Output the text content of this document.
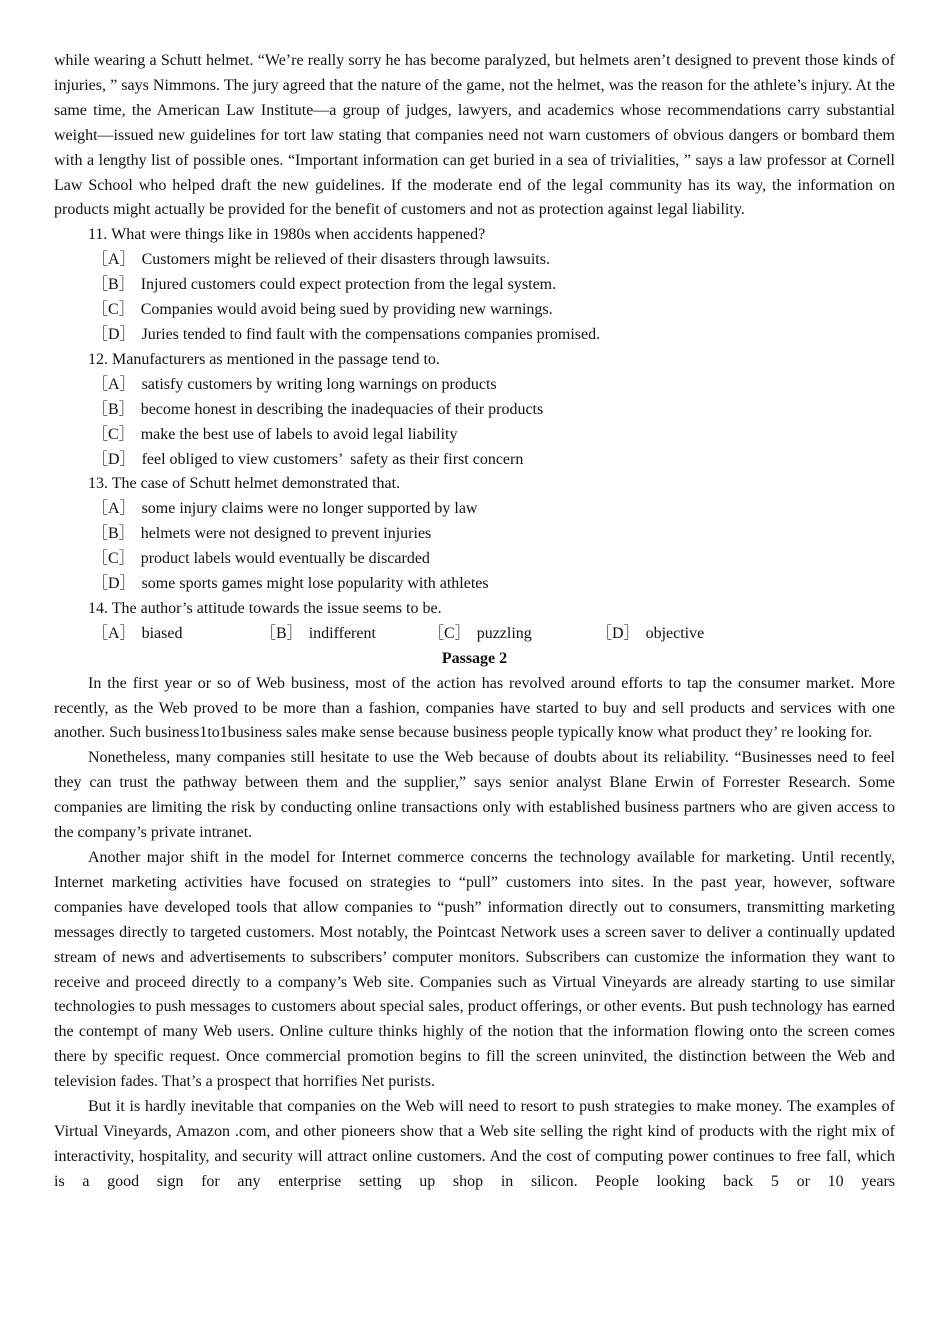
while wearing a Schutt helmet. “We’re really sorry he has become paralyzed, but helmets aren’t designed to prevent those kinds of injuries, ” says Nimmons. The jury agreed that the nature of the game, not the helmet, was the reason for the athlete’s injury. At the same time, the American Law Institute—a group of judges, lawyers, and academics whose recommendations carry substantial weight—issued new guidelines for tort law stating that companies need not warn customers of obvious dangers or bombard them with a lengthy list of possible ones. “Important information can get buried in a sea of trivialities, ” says a law professor at Cornell Law School who helped draft the new guidelines. If the moderate end of the legal community has its way, the information on products might actually be provided for the benefit of customers and not as protection against legal liability.

11. What were things like in 1980s when accidents happened?

［A］ Customers might be relieved of their disasters through lawsuits.
［B］ Injured customers could expect protection from the legal system.
［C］ Companies would avoid being sued by providing new warnings.
［D］ Juries tended to find fault with the compensations companies promised.

12. Manufacturers as mentioned in the passage tend to.

［A］ satisfy customers by writing long warnings on products
［B］ become honest in describing the inadequacies of their products
［C］ make the best use of labels to avoid legal liability
［D］ feel obliged to view customers’  safety as their first concern

13. The case of Schutt helmet demonstrated that.

［A］ some injury claims were no longer supported by law
［B］ helmets were not designed to prevent injuries
［C］ product labels would eventually be discarded
［D］ some sports games might lose popularity with athletes

14. The author’s attitude towards the issue seems to be.

［A］ biased	［B］ indifferent	［C］ puzzling	［D］ objective

Passage 2

In the first year or so of Web business, most of the action has revolved around efforts to tap the consumer market. More recently, as the Web proved to be more than a fashion, companies have started to buy and sell products and services with one another. Such business1to1business sales make sense because business people typically know what product they’ re looking for.

Nonetheless, many companies still hesitate to use the Web because of doubts about its reliability. “Businesses need to feel they can trust the pathway between them and the supplier,” says senior analyst Blane Erwin of Forrester Research. Some companies are limiting the risk by conducting online transactions only with established business partners who are given access to the company’s private intranet.

Another major shift in the model for Internet commerce concerns the technology available for marketing. Until recently, Internet marketing activities have focused on strategies to “pull” customers into sites. In the past year, however, software companies have developed tools that allow companies to “push” information directly out to consumers, transmitting marketing messages directly to targeted customers. Most notably, the Pointcast Network uses a screen saver to deliver a continually updated stream of news and advertisements to subscribers’ computer monitors. Subscribers can customize the information they want to receive and proceed directly to a company’s Web site. Companies such as Virtual Vineyards are already starting to use similar technologies to push messages to customers about special sales, product offerings, or other events. But push technology has earned the contempt of many Web users. Online culture thinks highly of the notion that the information flowing onto the screen comes there by specific request. Once commercial promotion begins to fill the screen uninvited, the distinction between the Web and television fades. That’s a prospect that horrifies Net purists.

But it is hardly inevitable that companies on the Web will need to resort to push strategies to make money. The examples of Virtual Vineyards, Amazon .com, and other pioneers show that a Web site selling the right kind of products with the right mix of interactivity, hospitality, and security will attract online customers. And the cost of computing power continues to free fall, which is a good sign for any enterprise setting up shop in silicon. People looking back 5 or 10 years
